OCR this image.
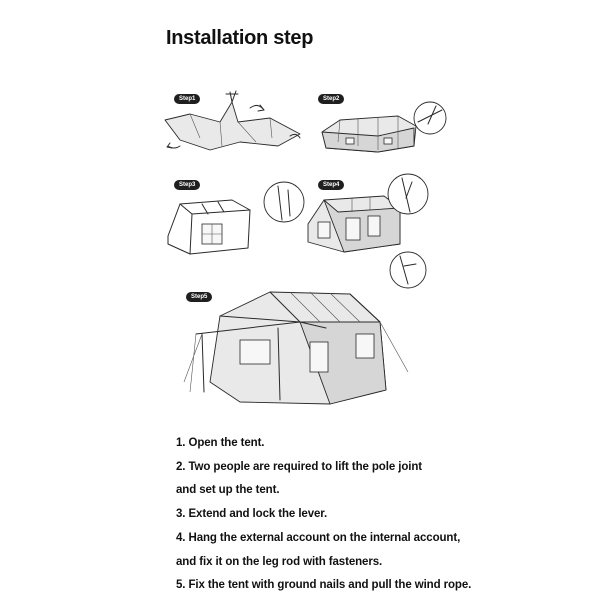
Installation step
Step1	Step2
Step3	Step4
Step5
1. Open the tent.
2. Two people are required to lift the pole joint
and set up the tent.
3. Extend and lock the lever.
4. Hang the external account on the internal account,
and fix it on the leg rod with fasteners.
5. Fix the tent with ground nails and pull the wind rope.
